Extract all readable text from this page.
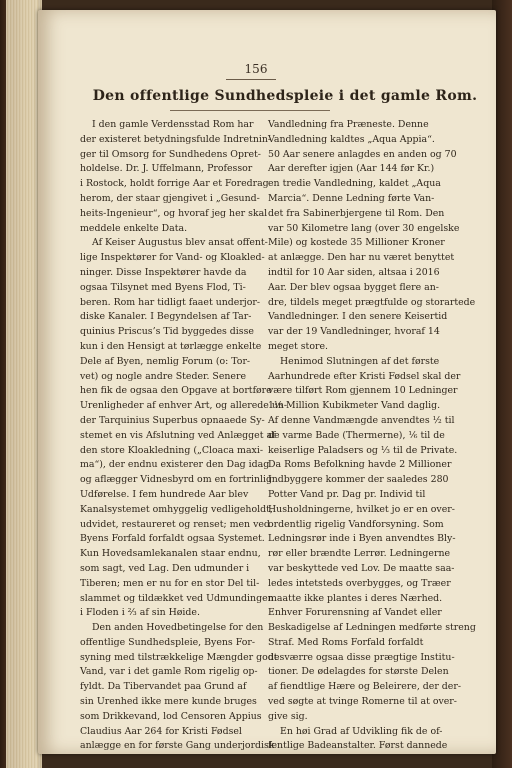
156
Den offentlige Sundhedspleie i det gamle Rom.

I den gamle Verdensstad Rom har
der existeret betydningsfulde Indretnin-
ger til Omsorg for Sundhedens Opret-
holdelse. Dr. J. Uffelmann, Professor
i Rostock, holdt forrige Aar et Foredrag
herom, der staar gjengivet i „Gesund-
heits-Ingenieur“, og hvoraf jeg her skal
meddele enkelte Data.

Af Keiser Augustus blev ansat offent-
lige Inspektører for Vand- og Kloakled-
ninger. Disse Inspektører havde da
ogsaa Tilsynet med Byens Flod, Ti-
beren. Rom har tidligt faaet underjor-
diske Kanaler. I Begyndelsen af Tar-
quinius Priscus’s Tid byggedes disse
kun i den Hensigt at tørlægge enkelte
Dele af Byen, nemlig Forum (o: Tor-
vet) og nogle andre Steder. Senere
hen fik de ogsaa den Opgave at bortføre
Urenligheder af enhver Art, og allerede un-
der Tarquinius Superbus opnaaede Sy-
stemet en vis Afslutning ved Anlægget af
den store Kloakledning („Cloaca maxi-
ma“), der endnu existerer den Dag idag
og aflægger Vidnesbyrd om en fortrinlig
Udførelse. I fem hundrede Aar blev
Kanalsystemet omhyggelig vedligeholdt,
udvidet, restaureret og renset; men ved
Byens Forfald forfaldt ogsaa Systemet.
Kun Hovedsamlekanalen staar endnu,
som sagt, ved Lag. Den udmunder i
Tiberen; men er nu for en stor Del til-
slammet og tildækket ved Udmundingen
i Floden i ⅔ af sin Høide.

Den anden Hovedbetingelse for den
offentlige Sundhedspleie, Byens For-
syning med tilstrækkelige Mængder godt
Vand, var i det gamle Rom rigelig op-
fyldt. Da Tibervandet paa Grund af
sin Urenhed ikke mere kunde bruges
som Drikkevand, lod Censoren Appius
Claudius Aar 264 for Kristi Fødsel
anlægge en for første Gang underjordisk

Vandledning fra Præneste. Denne
Vandledning kaldtes „Aqua Appia“.
50 Aar senere anlagdes en anden og 70
Aar derefter igjen (Aar 144 før Kr.)
en tredie Vandledning, kaldet „Aqua
Marcia“. Denne Ledning førte Van-
det fra Sabinerbjergene til Rom. Den
var 50 Kilometre lang (over 30 engelske
Mile) og kostede 35 Millioner Kroner
at anlægge. Den har nu været benyttet
indtil for 10 Aar siden, altsaa i 2016
Aar. Der blev ogsaa bygget flere an-
dre, tildels meget prægtfulde og storartede
Vandledninger. I den senere Keisertid
var der 19 Vandledninger, hvoraf 14
meget store.

Henimod Slutningen af det første
Aarhundrede efter Kristi Fødsel skal der
være tilført Rom gjennem 10 Ledninger
1⅓ Million Kubikmeter Vand daglig.
Af denne Vandmængde anvendtes ½ til
de varme Bade (Thermerne), ⅙ til de
keiserlige Paladsers og ⅓ til de Private.
Da Roms Befolkning havde 2 Millioner
Indbyggere kommer der saaledes 280
Potter Vand pr. Dag pr. Individ til
Husholdningerne, hvilket jo er en over-
ordentlig rigelig Vandforsyning. Som
Ledningsrør inde i Byen anvendtes Bly-
rør eller brændte Lerrør. Ledningerne
var beskyttede ved Lov. De maatte saa-
ledes intetsteds overbygges, og Træer
maatte ikke plantes i deres Nærhed.
Enhver Forurensning af Vandet eller
Beskadigelse af Ledningen medførte streng
Straf. Med Roms Forfald forfaldt
desværre ogsaa disse prægtige Institu-
tioner. De ødelagdes for største Delen
af fiendtlige Hære og Beleirere, der der-
ved søgte at tvinge Romerne til at over-
give sig.

En høi Grad af Udvikling fik de of-
fentlige Badeanstalter. Først dannede
